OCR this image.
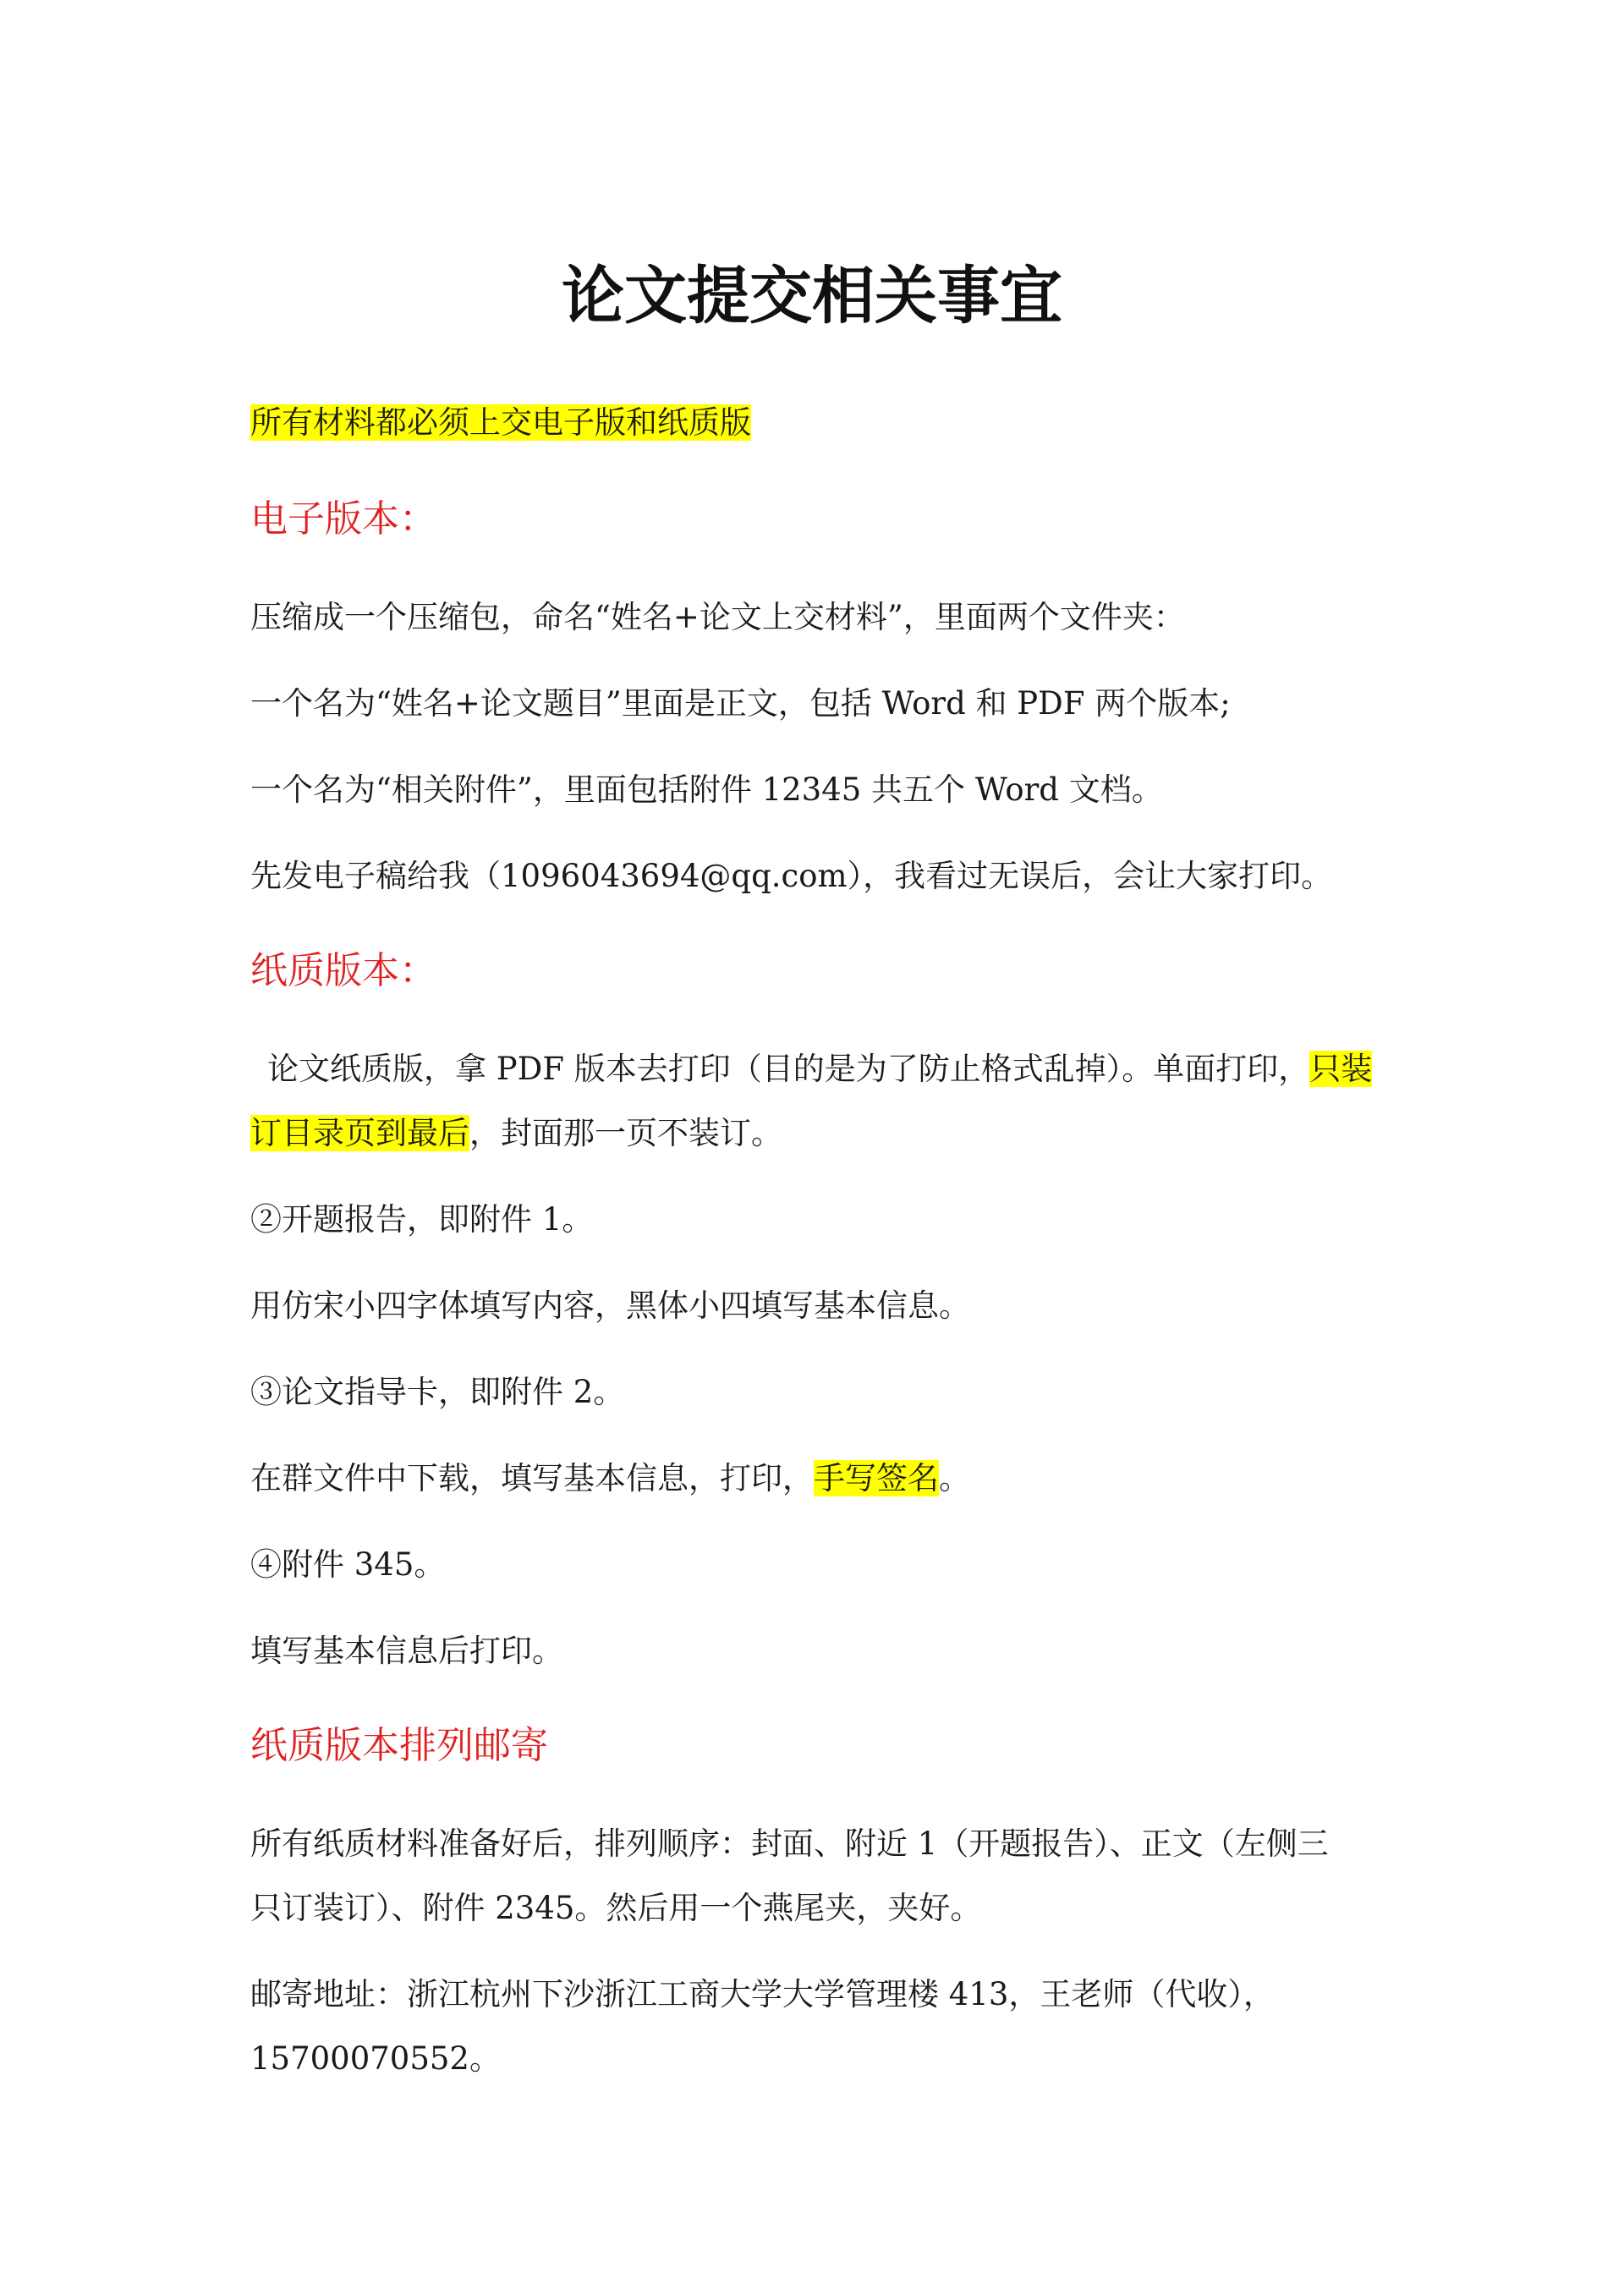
论文提交相关事宜
所有材料都必须上交电子版和纸质版
电子版本：
压缩成一个压缩包，命名“姓名+论文上交材料”，里面两个文件夹：
一个名为“姓名+论文题目”里面是正文，包括 Word 和 PDF 两个版本;
一个名为“相关附件”，里面包括附件 12345 共五个 Word 文档。
先发电子稿给我（1096043694@qq.com），我看过无误后，会让大家打印。
纸质版本：
论文纸质版，拿 PDF 版本去打印（目的是为了防止格式乱掉）。单面打印，只装
订目录页到最后，封面那一页不装订。
②开题报告，即附件 1。
用仿宋小四字体填写内容，黑体小四填写基本信息。
③论文指导卡，即附件 2。
在群文件中下载，填写基本信息，打印，手写签名。
④附件 345。
填写基本信息后打印。
纸质版本排列邮寄
所有纸质材料准备好后，排列顺序：封面、附近 1（开题报告）、正文（左侧三
只订装订）、附件 2345。然后用一个燕尾夹，夹好。
邮寄地址：浙江杭州下沙浙江工商大学大学管理楼 413，王老师（代收），
15700070552。
